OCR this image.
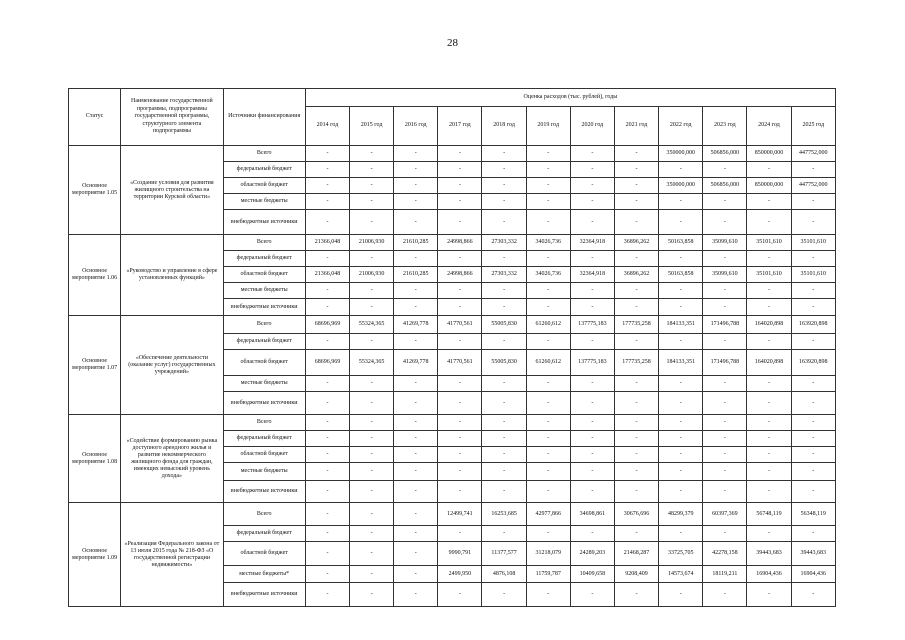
28
Статус	Наименование государственной программы, подпрограммы государственной программы, структурного элемента подпрограммы	Источники финансирования	Оценка расходов (тыс. рублей), годы											
			2014 год	2015 год	2016 год	2017 год	2018 год	2019 год	2020 год	2021 год	2022 год	2023 год	2024 год	2025 год
Основное мероприятие 1.05	«Создание условия для развития жилищного строительства на территории Курской области»	Всего	-	-	-	-	-	-	-	-	350000,000	506856,000	850000,000	447752,000
		федеральный бюджет	-	-	-	-	-	-	-	-	-	-	-	-
		областной бюджет	-	-	-	-	-	-	-	-	350000,000	506856,000	850000,000	447752,000
		местные бюджеты	-	-	-	-	-	-	-	-	-	-	-	-
		внебюджетные источники	-	-	-	-	-	-	-	-	-	-	-	-
Основное мероприятие 1.06	«Руководство и управление в сфере установленных функций»	Всего	21366,048	21006,930	21610,285	24998,866	27303,332	34026,736	32364,918	36896,262	50163,858	35099,610	35101,610	35101,610
		федеральный бюджет	-	-	-	-	-	-	-	-	-	-	-	-
		областной бюджет	21366,048	21006,930	21610,285	24998,866	27303,332	34026,736	32364,918	36896,262	50163,858	35099,610	35101,610	35101,610
		местные бюджеты	-	-	-	-	-	-	-	-	-	-	-	-
		внебюджетные источники	-	-	-	-	-	-	-	-	-	-	-	-
Основное мероприятие 1.07	«Обеспечение деятельности (оказание услуг) государственных учреждений»	Всего	68696,969	55324,365	41269,778	41770,561	55005,830	61260,612	137775,183	177735,258	184133,351	171496,788	164020,898	163920,898
		федеральный бюджет	-	-	-	-	-	-	-	-	-	-	-	-
		областной бюджет	68696,969	55324,365	41269,778	41770,561	55005,830	61260,612	137775,183	177735,258	184133,351	171496,788	164020,898	163920,898
		местные бюджеты	-	-	-	-	-	-	-	-	-	-	-	-
		внебюджетные источники	-	-	-	-	-	-	-	-	-	-	-	-
Основное мероприятие 1.08	«Содействие формированию рынка доступного арендного жилья и развитие некоммерческого жилищного фонда для граждан, имеющих невысокий уровень дохода»	Всего	-	-	-	-	-	-	-	-	-	-	-	-
		федеральный бюджет	-	-	-	-	-	-	-	-	-	-	-	-
		областной бюджет	-	-	-	-	-	-	-	-	-	-	-	-
		местные бюджеты	-	-	-	-	-	-	-	-	-	-	-	-
		внебюджетные источники	-	-	-	-	-	-	-	-	-	-	-	-
Основное мероприятие 1.09	«Реализация Федерального закона от 13 июля 2015 года № 218-ФЗ «О государственной регистрации недвижимости»	Всего	-	-	-	12499,741	16253,685	42977,866	34698,861	30676,696	48299,379	60397,369	56748,119	56348,119
		федеральный бюджет	-	-	-	-	-	-	-	-	-	-	-	-
		областной бюджет	-	-	-	9990,791	11377,577	31218,079	24289,203	21468,287	33725,705	42278,158	39443,683	39443,683
		местные бюджеты*	-	-	-	2499,950	4876,108	11759,787	10409,658	9208,409	14573,674	18119,211	16904,436	16904,436
		внебюджетные источники	-	-	-	-	-	-	-	-	-	-	-	-
